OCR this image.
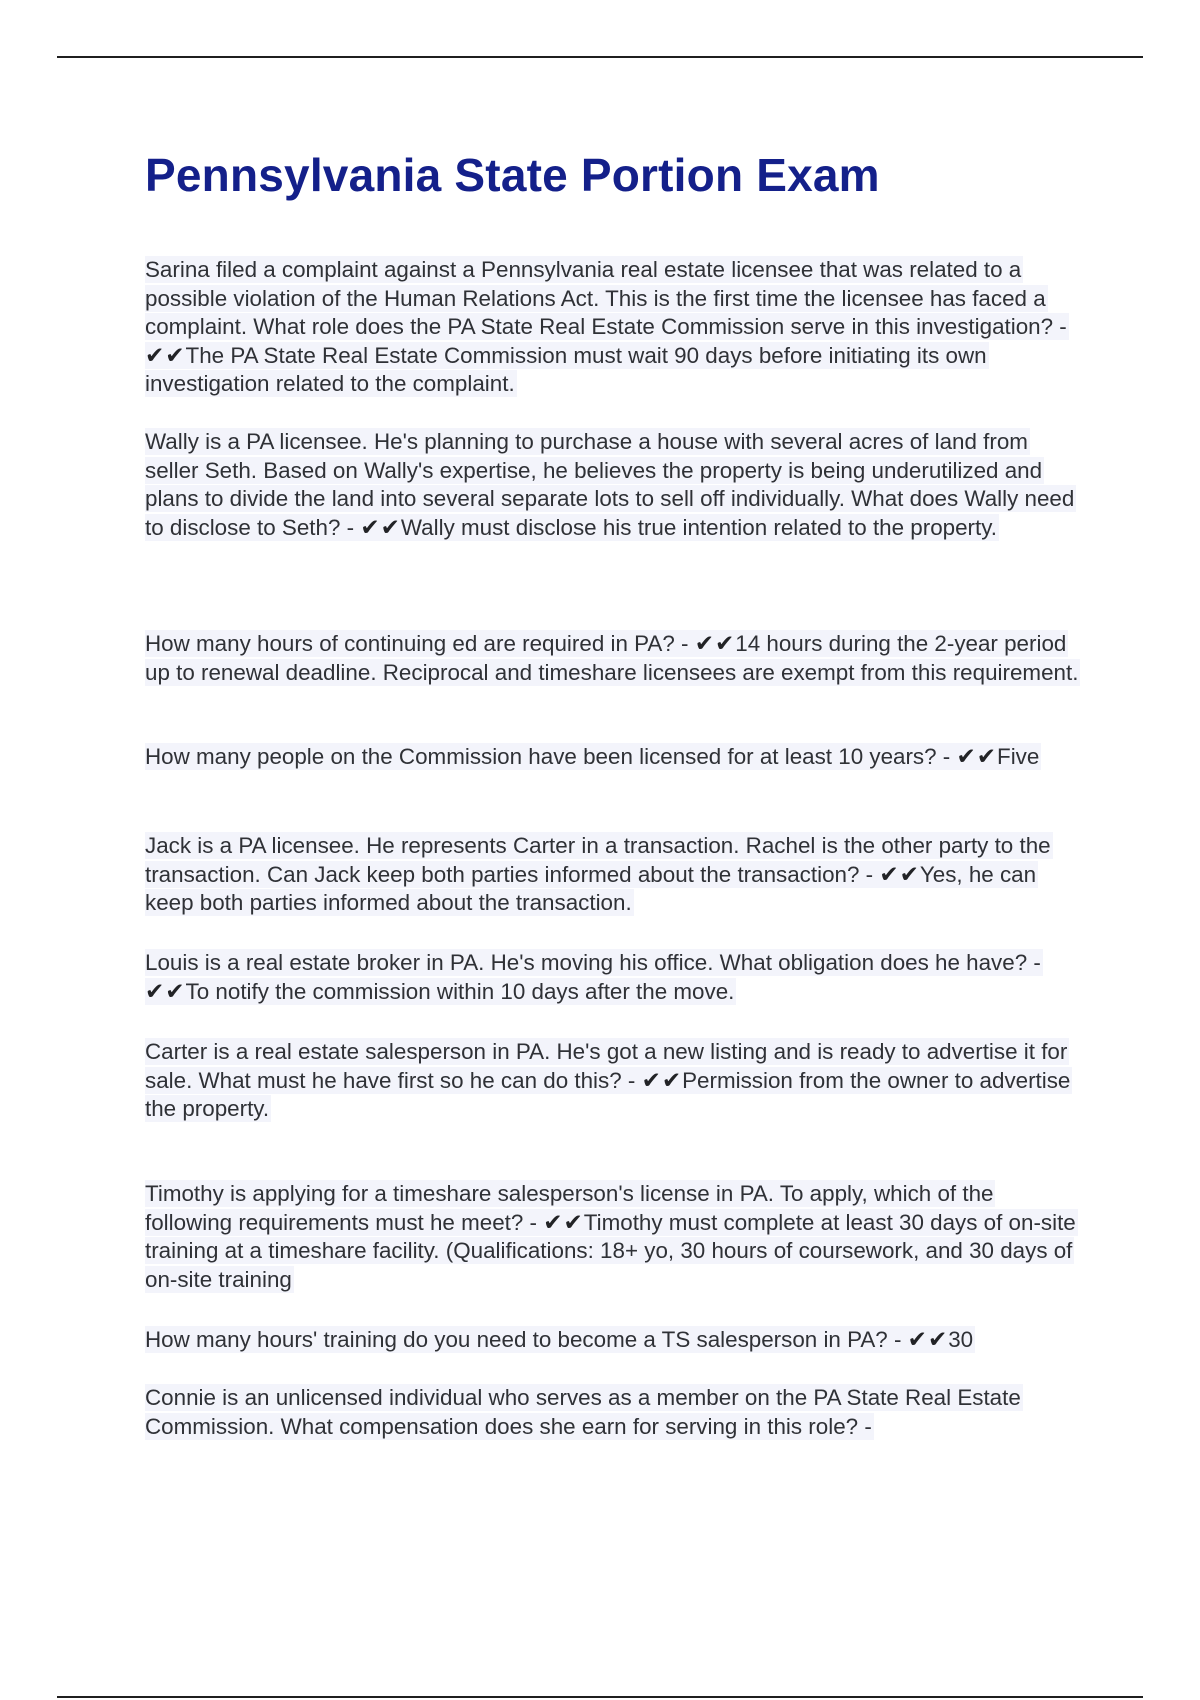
Pennsylvania State Portion Exam
Sarina filed a complaint against a Pennsylvania real estate licensee that was related to a possible violation of the Human Relations Act. This is the first time the licensee has faced a complaint. What role does the PA State Real Estate Commission serve in this investigation? - ✔✔The PA State Real Estate Commission must wait 90 days before initiating its own investigation related to the complaint.
Wally is a PA licensee. He's planning to purchase a house with several acres of land from seller Seth. Based on Wally's expertise, he believes the property is being underutilized and plans to divide the land into several separate lots to sell off individually. What does Wally need to disclose to Seth? - ✔✔Wally must disclose his true intention related to the property.
How many hours of continuing ed are required in PA? - ✔✔14 hours during the 2-year period up to renewal deadline. Reciprocal and timeshare licensees are exempt from this requirement.
How many people on the Commission have been licensed for at least 10 years? - ✔✔Five
Jack is a PA licensee. He represents Carter in a transaction. Rachel is the other party to the transaction. Can Jack keep both parties informed about the transaction? - ✔✔Yes, he can keep both parties informed about the transaction.
Louis is a real estate broker in PA. He's moving his office. What obligation does he have? - ✔✔To notify the commission within 10 days after the move.
Carter is a real estate salesperson in PA. He's got a new listing and is ready to advertise it for sale. What must he have first so he can do this? - ✔✔Permission from the owner to advertise the property.
Timothy is applying for a timeshare salesperson's license in PA. To apply, which of the following requirements must he meet? - ✔✔Timothy must complete at least 30 days of on-site training at a timeshare facility. (Qualifications: 18+ yo, 30 hours of coursework, and 30 days of on-site training
How many hours' training do you need to become a TS salesperson in PA? - ✔✔30
Connie is an unlicensed individual who serves as a member on the PA State Real Estate Commission. What compensation does she earn for serving in this role? -
